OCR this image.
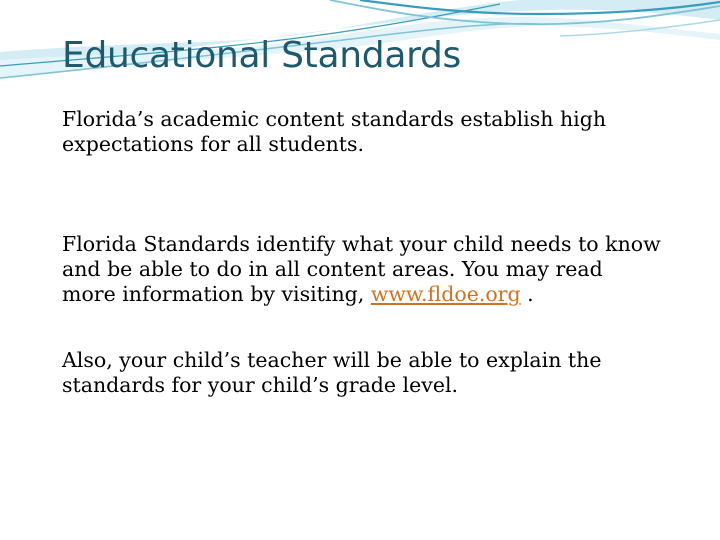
Educational Standards

Florida’s academic content standards establish high expectations for all students.

Florida Standards identify what your child needs to know and be able to do in all content areas. You may read more information by visiting, www.fldoe.org .

Also, your child’s teacher will be able to explain the standards for your child’s grade level.
